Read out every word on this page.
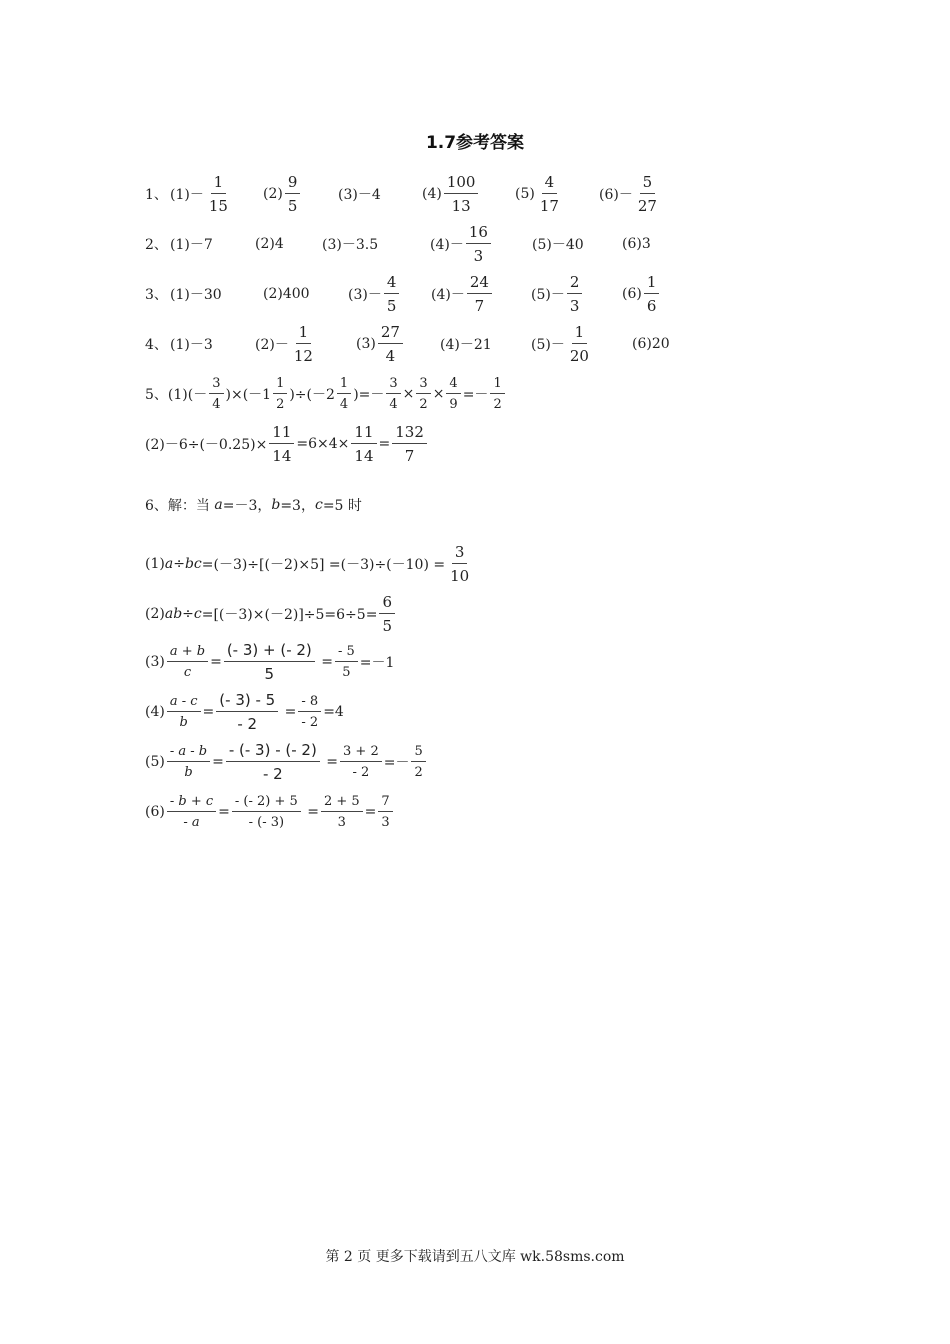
1.7参考答案
1、 $(1)- \frac{1}{15} (2) \frac{9}{5}$	(3)－4	$(4) \frac{100}{13}$	$(5) \frac{4}{17}$	$(6)- \frac{5}{27}$
2、 (1)－7	(2)4	(3)－3.5	$(4)- \frac{16}{3}$	(5)－40	(6)3
3、 (1)－30	(2)400	$(3)- \frac{4}{5} (4)- \frac{24}{7}$	$(5)- \frac{2}{3}$	$(6) \frac{1}{6}$
4、 (1)－3	$(2)- \frac{1}{12}$	$(3) \frac{27}{4}$	(4)－21	$(5)- \frac{1}{20}$	(6)20
5、 $(1)(- \frac{3}{4} )\times(-1 \frac{1}{2} )\div(-2 \frac{1}{4}$ )=－ $\frac{3}{4} \times \frac{3}{2} \times \frac{4}{9} =- \frac{1}{2}$
$(2)-6\div(-0.25)\times \frac{11}{14} =6\times 4\times \frac{11}{14} = \frac{132}{7}$
6、解：当 a =－3， b =3， c =5 时
(1) a ÷ bc $=(-3)\div[(-2)\times 5] =(-3)\div(-10) = \frac{3}{10}$
(2) ab ÷ $c =[(-3)\times(-2)]\div 5=6\div 5= \frac{6}{5}$
$(3) \frac{a + b}{c} = \frac{(- 3) + (- 2)}{5} = \frac{- 5}{5} =-1$
$(4) \frac{a - c}{b} = \frac{(- 3) - 5}{- 2} = \frac{- 8}{- 2} =4$
$(5) \frac{- a - b}{b} = \frac{- (- 3) - (- 2)}{- 2} = \frac{3 + 2}{- 2} =- \frac{5}{2}$
$(6) \frac{- b + c}{- a} = \frac{- (- 2) + 5}{- (- 3)} = \frac{2 + 5}{3} = \frac{7}{3}$
第 2 页 更多下载请到五八文库 wk.58sms.com
